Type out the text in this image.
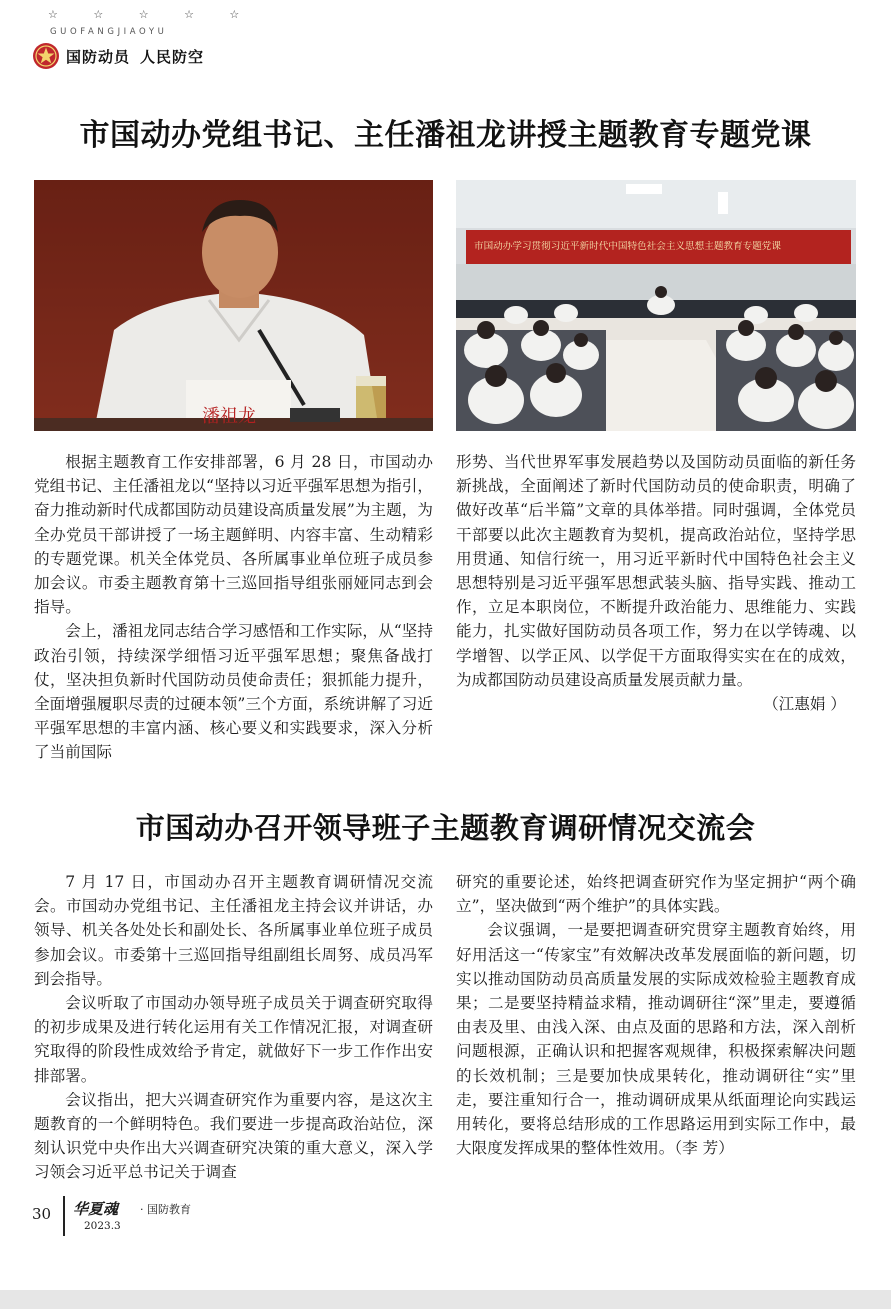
☆ ☆ ☆ ☆ ☆
GUOFANGJIAOYU
国防动员 人民防空
市国动办党组书记、主任潘祖龙讲授主题教育专题党课
潘祖龙
市国动办学习贯彻习近平新时代中国特色社会主义思想主题教育专题党课

根据主题教育工作安排部署，6 月 28 日，市国动办党组书记、主任潘祖龙以“坚持以习近平强军思想为指引，奋力推动新时代成都国防动员建设高质量发展”为主题，为全办党员干部讲授了一场主题鲜明、内容丰富、生动精彩的专题党课。机关全体党员、各所属事业单位班子成员参加会议。市委主题教育第十三巡回指导组张丽娅同志到会指导。

会上，潘祖龙同志结合学习感悟和工作实际，从“坚持政治引领，持续深学细悟习近平强军思想；聚焦备战打仗，坚决担负新时代国防动员使命责任；狠抓能力提升，全面增强履职尽责的过硬本领”三个方面，系统讲解了习近平强军思想的丰富内涵、核心要义和实践要求，深入分析了当前国际

形势、当代世界军事发展趋势以及国防动员面临的新任务新挑战，全面阐述了新时代国防动员的使命职责，明确了做好改革“后半篇”文章的具体举措。同时强调，全体党员干部要以此次主题教育为契机，提高政治站位，坚持学思用贯通、知信行统一，用习近平新时代中国特色社会主义思想特别是习近平强军思想武装头脑、指导实践、推动工作，立足本职岗位，不断提升政治能力、思维能力、实践能力，扎实做好国防动员各项工作，努力在以学铸魂、以学增智、以学正风、以学促干方面取得实实在在的成效，为成都国防动员建设高质量发展贡献力量。

（江惠娟 ）

市国动办召开领导班子主题教育调研情况交流会

7 月 17 日，市国动办召开主题教育调研情况交流会。市国动办党组书记、主任潘祖龙主持会议并讲话，办领导、机关各处处长和副处长、各所属事业单位班子成员参加会议。市委第十三巡回指导组副组长周努、成员冯军到会指导。

会议听取了市国动办领导班子成员关于调查研究取得的初步成果及进行转化运用有关工作情况汇报，对调查研究取得的阶段性成效给予肯定，就做好下一步工作作出安排部署。

会议指出，把大兴调查研究作为重要内容，是这次主题教育的一个鲜明特色。我们要进一步提高政治站位，深刻认识党中央作出大兴调查研究决策的重大意义，深入学习领会习近平总书记关于调查

研究的重要论述，始终把调查研究作为坚定拥护“两个确立”，坚决做到“两个维护”的具体实践。

会议强调，一是要把调查研究贯穿主题教育始终，用好用活这一“传家宝”有效解决改革发展面临的新问题，切实以推动国防动员高质量发展的实际成效检验主题教育成果；二是要坚持精益求精，推动调研往“深”里走，要遵循由表及里、由浅入深、由点及面的思路和方法，深入剖析问题根源，正确认识和把握客观规律，积极探索解决问题的长效机制；三是要加快成果转化，推动调研往“实”里走，要注重知行合一，推动调研成果从纸面理论向实践运用转化，要将总结形成的工作思路运用到实际工作中，最大限度发挥成果的整体性效用。（李 芳）

30 华夏魂 · 国防教育
2023.3
